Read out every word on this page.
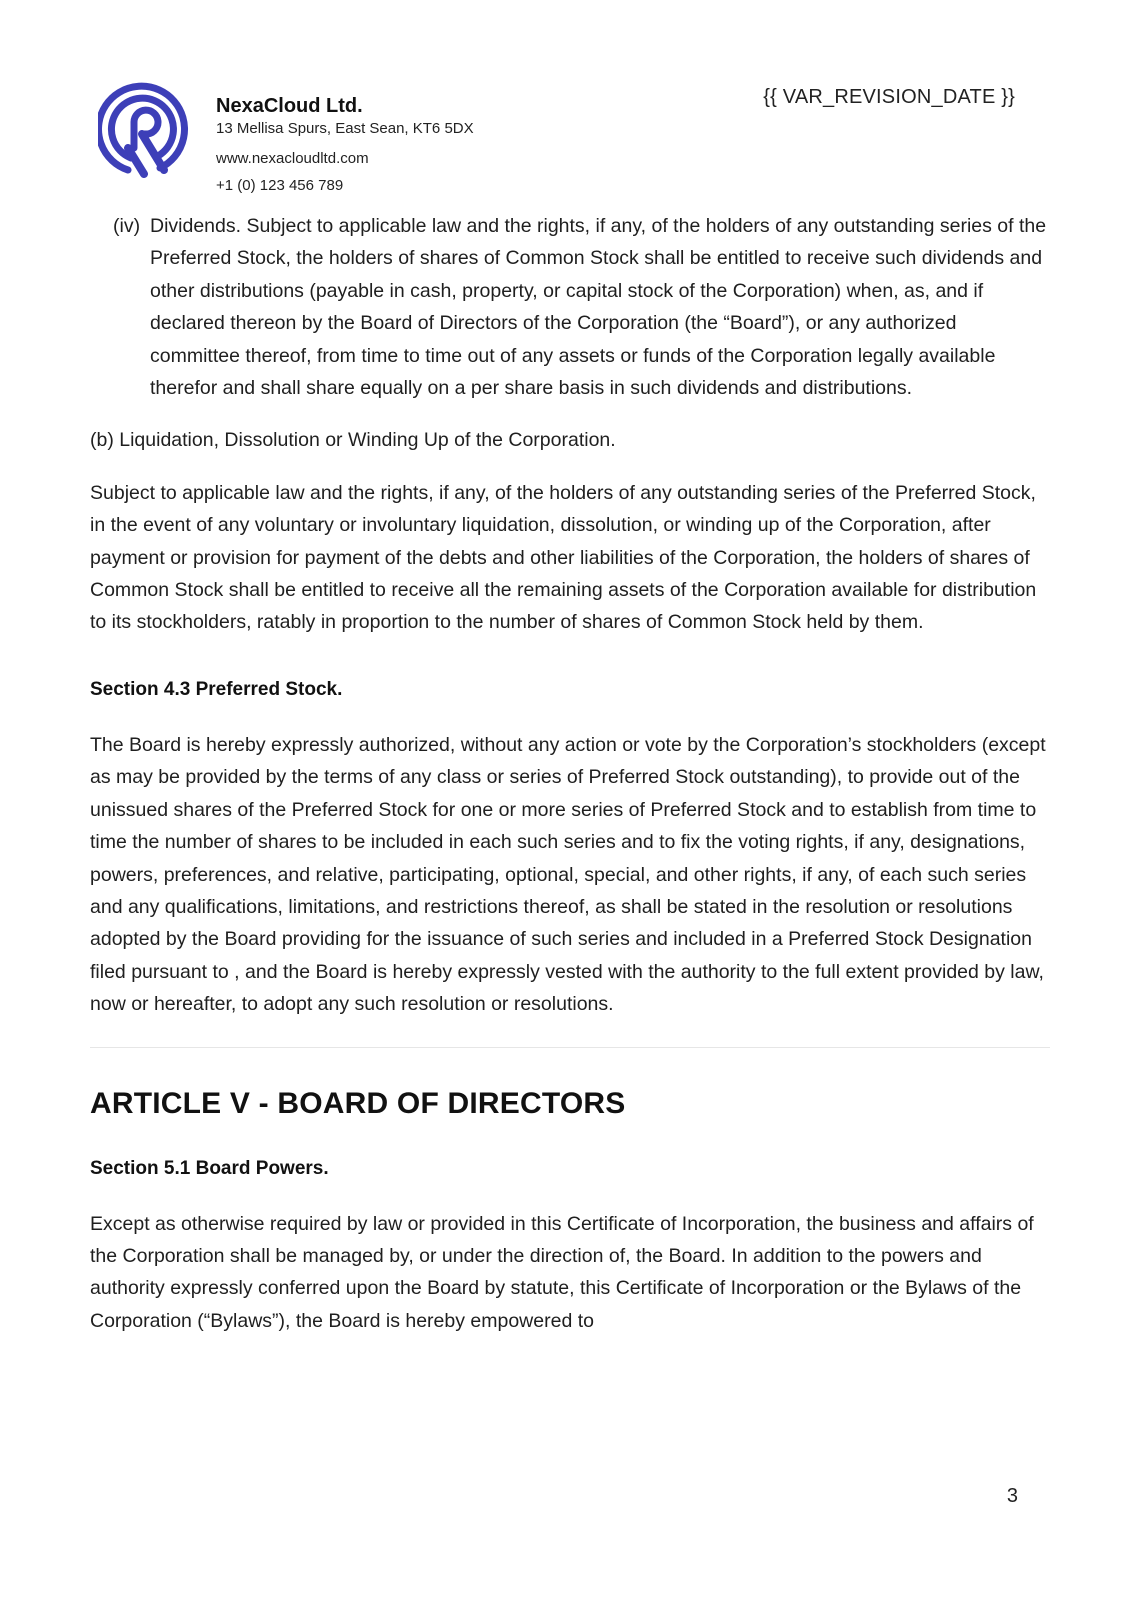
NexaCloud Ltd.

13 Mellisa Spurs, East Sean, KT6 5DX

www.nexacloudltd.com

+1 (0) 123 456 789

{{ VAR_REVISION_DATE }}

(iv) Dividends. Subject to applicable law and the rights, if any, of the holders of any outstanding series of the Preferred Stock, the holders of shares of Common Stock shall be entitled to receive such dividends and other distributions (payable in cash, property, or capital stock of the Corporation) when, as, and if declared thereon by the Board of Directors of the Corporation (the “Board”), or any authorized committee thereof, from time to time out of any assets or funds of the Corporation legally available therefor and shall share equally on a per share basis in such dividends and distributions.

(b) Liquidation, Dissolution or Winding Up of the Corporation.

Subject to applicable law and the rights, if any, of the holders of any outstanding series of the Preferred Stock, in the event of any voluntary or involuntary liquidation, dissolution, or winding up of the Corporation, after payment or provision for payment of the debts and other liabilities of the Corporation, the holders of shares of Common Stock shall be entitled to receive all the remaining assets of the Corporation available for distribution to its stockholders, ratably in proportion to the number of shares of Common Stock held by them.

Section 4.3 Preferred Stock.

The Board is hereby expressly authorized, without any action or vote by the Corporation’s stockholders (except as may be provided by the terms of any class or series of Preferred Stock outstanding), to provide out of the unissued shares of the Preferred Stock for one or more series of Preferred Stock and to establish from time to time the number of shares to be included in each such series and to fix the voting rights, if any, designations, powers, preferences, and relative, participating, optional, special, and other rights, if any, of each such series and any qualifications, limitations, and restrictions thereof, as shall be stated in the resolution or resolutions adopted by the Board providing for the issuance of such series and included in a Preferred Stock Designation filed pursuant to , and the Board is hereby expressly vested with the authority to the full extent provided by law, now or hereafter, to adopt any such resolution or resolutions.

ARTICLE V - BOARD OF DIRECTORS

Section 5.1 Board Powers.

Except as otherwise required by law or provided in this Certificate of Incorporation, the business and affairs of the Corporation shall be managed by, or under the direction of, the Board. In addition to the powers and authority expressly conferred upon the Board by statute, this Certificate of Incorporation or the Bylaws of the Corporation (“Bylaws”), the Board is hereby empowered to

3
